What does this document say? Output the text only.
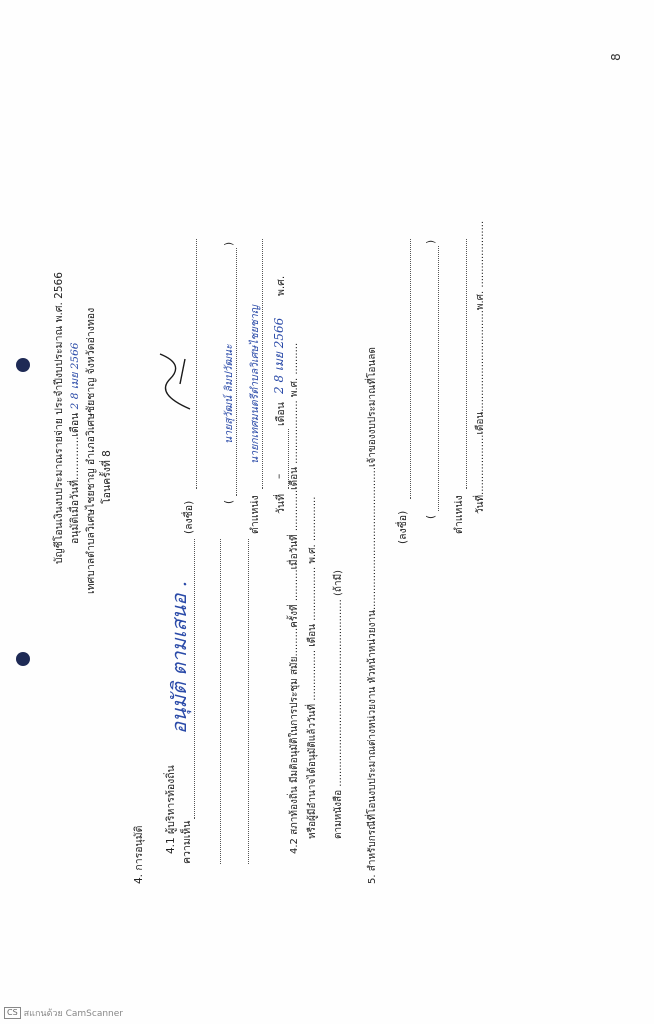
8
บัญชีโอนเงินงบประมาณรายจ่าย ประจำปีงบประมาณ พ.ศ. 2566 อนุมัติเมื่อวันที่.............เดือน 2 8 เมย 2566 เทศบาลตำบลวิเศษไชยชาญ อำเภอวิเศษชัยชาญ จังหวัดอ่างทอง โอนครั้งที่ 8
4. การอนุมัติ
4.1 ผู้บริหารท้องถิ่น ความเห็น
อนุมัติ ตามเสนอ .
(ลงชื่อ)	(
นายสุวัฒน์ ลิมปวัฒนะ
)
ตำแหน่ง
นายกเทศมนตรีตำบลวิเศษไชยชาญ
วันที่
–
เดือน
2 8 เมย 2566
พ.ศ.
4.2 สภาท้องถิ่น มีมติอนุมัติในการประชุม สมัย.........ครั้งที่ ..........เมื่อวันที่ .............เดือน .................... พ.ศ. .......... หรือผู้มีอำนาจได้อนุมัติแล้ววันที่ ................ เดือน ................. พ.ศ. .............. ตามหนังสือ ........................................................... (ถ้ามี) 5. สำหรับกรณีที่โอนงบประมาณต่างหน่วยงาน หัวหน้าหน่วยงาน.............................................เจ้าของงบประมาณที่โอนลด (ลงชื่อ) (
)
ตำแหน่ง
วันที่...................เดือน................................พ.ศ. .....................
CS สแกนด้วย CamScanner
